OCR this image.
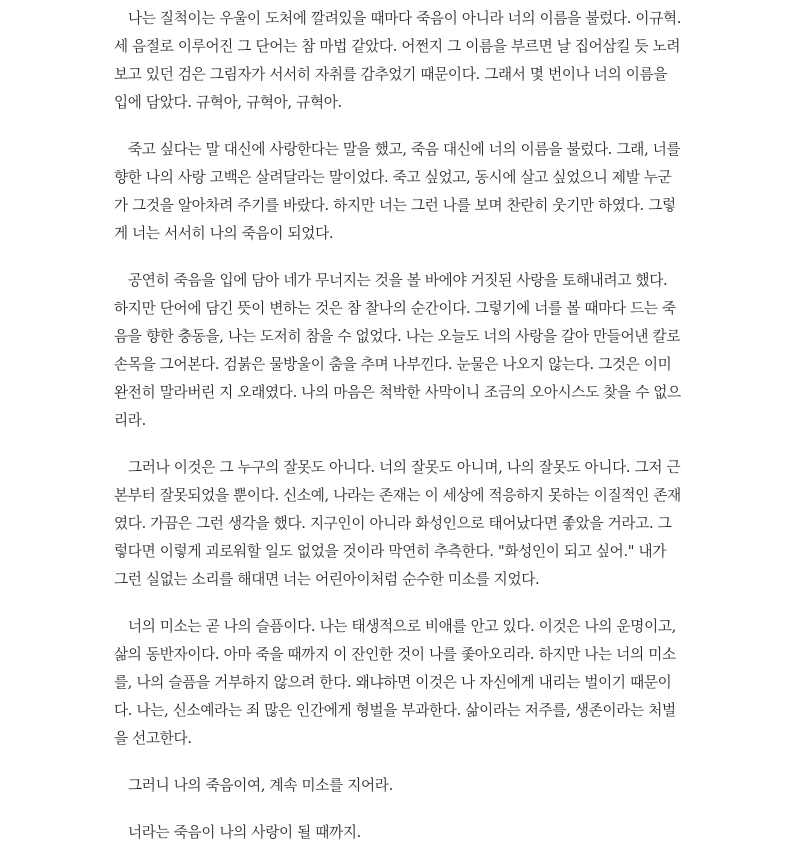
나는 질척이는 우울이 도처에 깔려있을 때마다 죽음이 아니라 너의 이름을 불렀다. 이규혁. 세 음절로 이루어진 그 단어는 참 마법 같았다. 어쩐지 그 이름을 부르면 날 집어삼킬 듯 노려보고 있던 검은 그림자가 서서히 자취를 감추었기 때문이다. 그래서 몇 번이나 너의 이름을 입에 담았다. 규혁아, 규혁아, 규혁아.

죽고 싶다는 말 대신에 사랑한다는 말을 했고, 죽음 대신에 너의 이름을 불렀다. 그래, 너를 향한 나의 사랑 고백은 살려달라는 말이었다. 죽고 싶었고, 동시에 살고 싶었으니 제발 누군가 그것을 알아차려 주기를 바랐다. 하지만 너는 그런 나를 보며 찬란히 웃기만 하였다. 그렇게 너는 서서히 나의 죽음이 되었다.

공연히 죽음을 입에 담아 네가 무너지는 것을 볼 바에야 거짓된 사랑을 토해내려고 했다. 하지만 단어에 담긴 뜻이 변하는 것은 참 찰나의 순간이다. 그렇기에 너를 볼 때마다 드는 죽음을 향한 충동을, 나는 도저히 참을 수 없었다. 나는 오늘도 너의 사랑을 갈아 만들어낸 칼로 손목을 그어본다. 검붉은 물방울이 춤을 추며 나부낀다. 눈물은 나오지 않는다. 그것은 이미 완전히 말라버린 지 오래였다. 나의 마음은 척박한 사막이니 조금의 오아시스도 찾을 수 없으리라.

그러나 이것은 그 누구의 잘못도 아니다. 너의 잘못도 아니며, 나의 잘못도 아니다. 그저 근본부터 잘못되었을 뿐이다. 신소예, 나라는 존재는 이 세상에 적응하지 못하는 이질적인 존재였다. 가끔은 그런 생각을 했다. 지구인이 아니라 화성인으로 태어났다면 좋았을 거라고. 그렇다면 이렇게 괴로워할 일도 없었을 것이라 막연히 추측한다. "화성인이 되고 싶어." 내가 그런 실없는 소리를 해대면 너는 어린아이처럼 순수한 미소를 지었다.

너의 미소는 곧 나의 슬픔이다. 나는 태생적으로 비애를 안고 있다. 이것은 나의 운명이고, 삶의 동반자이다. 아마 죽을 때까지 이 잔인한 것이 나를 좇아오리라. 하지만 나는 너의 미소를, 나의 슬픔을 거부하지 않으려 한다. 왜냐하면 이것은 나 자신에게 내리는 벌이기 때문이다. 나는, 신소예라는 죄 많은 인간에게 형벌을 부과한다. 삶이라는 저주를, 생존이라는 처벌을 선고한다.

그러니 나의 죽음이여, 계속 미소를 지어라.

너라는 죽음이 나의 사랑이 될 때까지.
